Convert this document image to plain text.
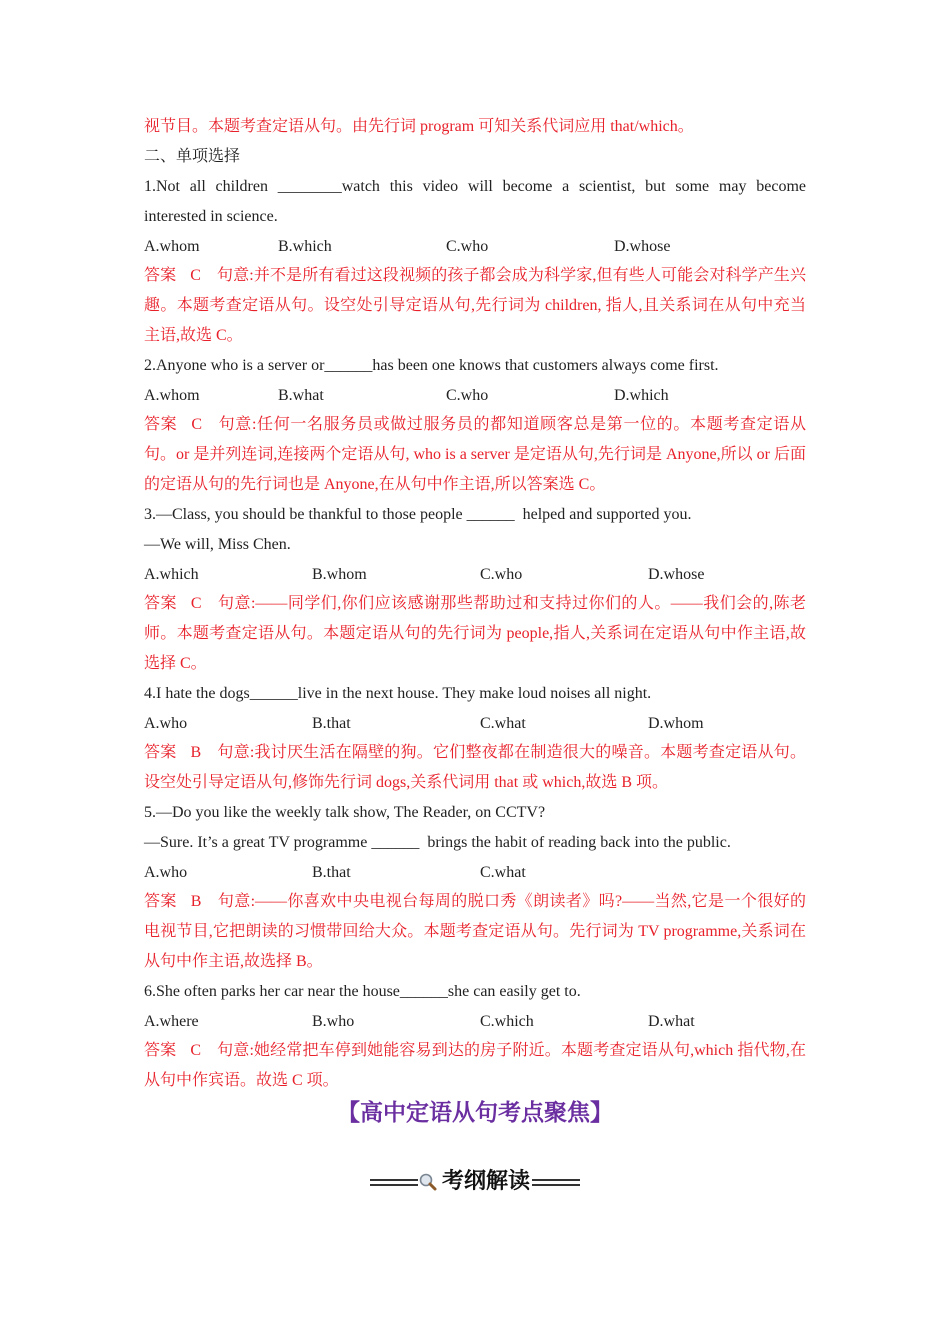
视节目。本题考查定语从句。由先行词 program 可知关系代词应用 that/which。
二、单项选择
1.Not all children ________watch this video will become a scientist, but some may become
interested in science.
A.whom	B.which	C.who	D.whose
答案 C 句意:并不是所有看过这段视频的孩子都会成为科学家,但有些人可能会对科学产生兴趣。本题考查定语从句。设空处引导定语从句,先行词为 children, 指人,且关系词在从句中充当主语,故选 C。
2.Anyone who is a server or______has been one knows that customers always come first.
A.whom	B.what	C.who	D.which
答案 C 句意:任何一名服务员或做过服务员的都知道顾客总是第一位的。本题考查定语从句。or 是并列连词,连接两个定语从句, who is a server 是定语从句,先行词是 Anyone,所以 or 后面的定语从句的先行词也是 Anyone,在从句中作主语,所以答案选 C。
3.—Class, you should be thankful to those people ______  helped and supported you.
—We will, Miss Chen.
A.which	B.whom	C.who	D.whose
答案 C 句意:——同学们,你们应该感谢那些帮助过和支持过你们的人。——我们会的,陈老师。本题考查定语从句。本题定语从句的先行词为 people,指人,关系词在定语从句中作主语,故选择 C。
4.I hate the dogs______live in the next house. They make loud noises all night.
A.who	B.that	C.what	D.whom
答案 B 句意:我讨厌生活在隔壁的狗。它们整夜都在制造很大的噪音。本题考查定语从句。设空处引导定语从句,修饰先行词 dogs,关系代词用 that 或 which,故选 B 项。
5.—Do you like the weekly talk show, The Reader, on CCTV?
—Sure. It’s a great TV programme ______  brings the habit of reading back into the public.
A.who	B.that	C.what
答案 B 句意:——你喜欢中央电视台每周的脱口秀《朗读者》吗?——当然,它是一个很好的电视节目,它把朗读的习惯带回给大众。本题考查定语从句。先行词为 TV programme,关系词在从句中作主语,故选择 B。
6.She often parks her car near the house______she can easily get to.
A.where	B.who	C.which	D.what
答案 C 句意:她经常把车停到她能容易到达的房子附近。本题考查定语从句,which 指代物,在从句中作宾语。故选 C 项。
【高中定语从句考点聚焦】
考纲解读
